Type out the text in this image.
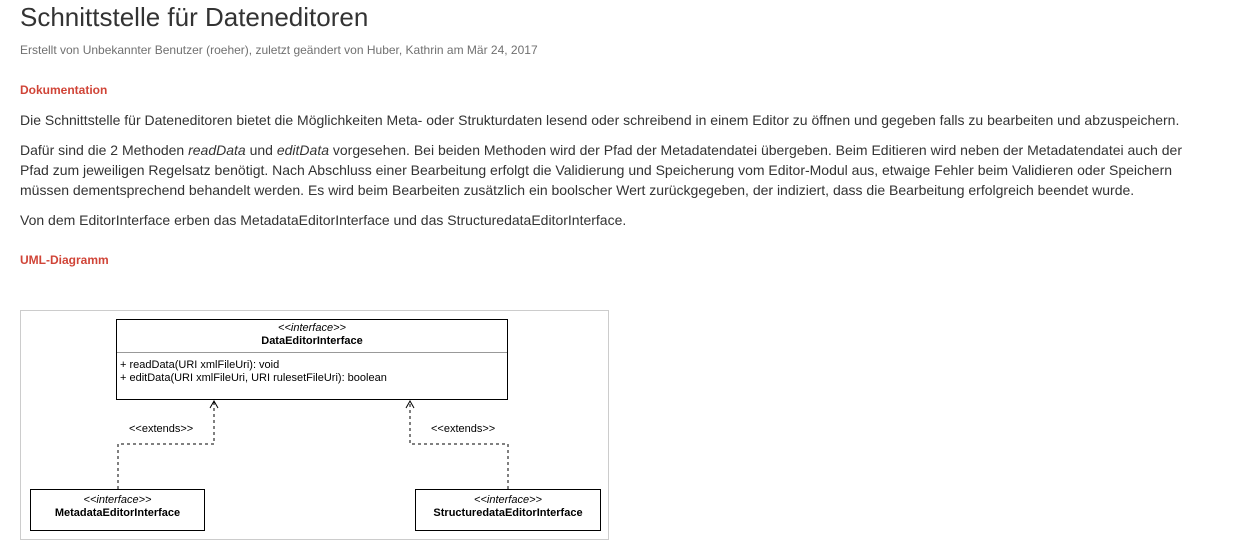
Schnittstelle für Dateneditoren
Erstellt von Unbekannter Benutzer (roeher), zuletzt geändert von Huber, Kathrin am Mär 24, 2017
Dokumentation

Die Schnittstelle für Dateneditoren bietet die Möglichkeiten Meta- oder Strukturdaten lesend oder schreibend in einem Editor zu öffnen und gegeben falls zu bearbeiten und abzuspeichern.

Dafür sind die 2 Methoden readData und editData vorgesehen. Bei beiden Methoden wird der Pfad der Metadatendatei übergeben. Beim Editieren wird neben der Metadatendatei auch der
Pfad zum jeweiligen Regelsatz benötigt. Nach Abschluss einer Bearbeitung erfolgt die Validierung und Speicherung vom Editor-Modul aus, etwaige Fehler beim Validieren oder Speichern
müssen dementsprechend behandelt werden. Es wird beim Bearbeiten zusätzlich ein boolscher Wert zurückgegeben, der indiziert, dass die Bearbeitung erfolgreich beendet wurde.

Von dem EditorInterface erben das MetadataEditorInterface und das StructuredataEditorInterface.

UML-Diagramm
<<interface>>
DataEditorInterface
+ readData(URI xmlFileUri): void
+ editData(URI xmlFileUri, URI rulesetFileUri): boolean
<<extends>>	<<extends>>
<<interface>>
MetadataEditorInterface
<<interface>>
StructuredataEditorInterface
